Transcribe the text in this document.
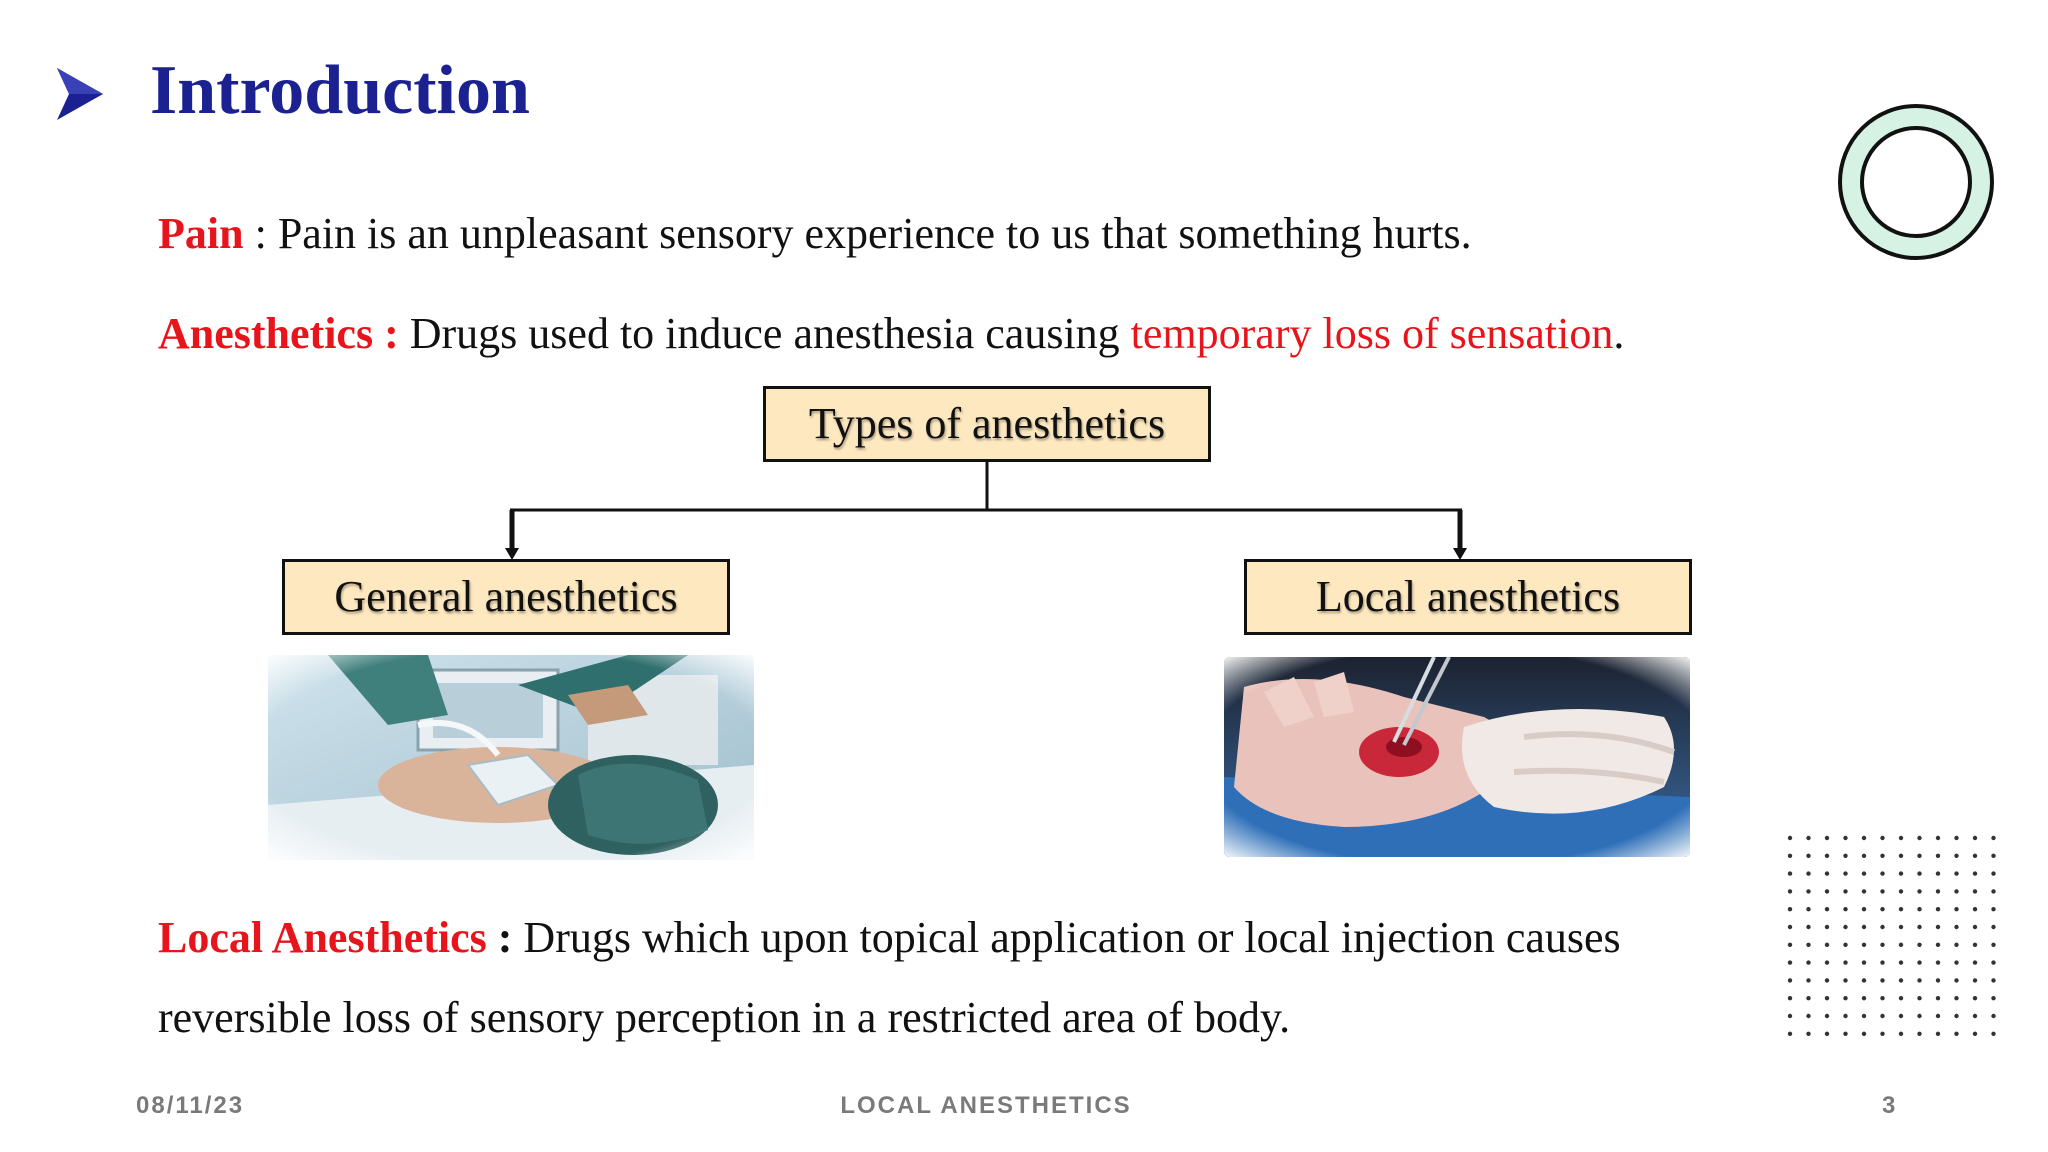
Introduction
Pain : Pain is an unpleasant sensory experience to us that something hurts.
Anesthetics : Drugs used to induce anesthesia causing temporary loss of sensation.
Types of anesthetics
General anesthetics	Local anesthetics
Local Anesthetics : Drugs which upon topical application or local injection causes
reversible loss of sensory perception in a restricted area of body.
08/11/23	LOCAL ANESTHETICS	3
